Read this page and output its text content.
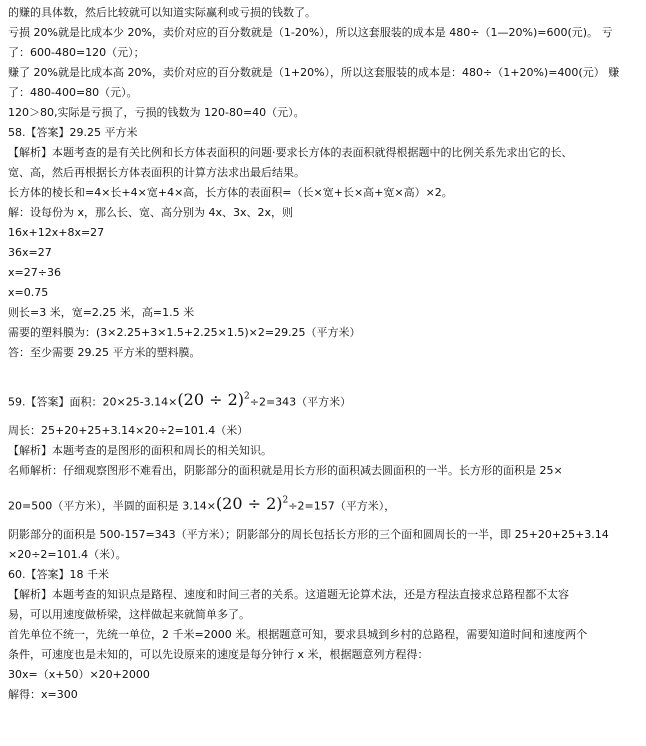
的赚的具体数，然后比较就可以知道实际赢利或亏损的钱数了。
亏损 20%就是比成本少 20%，卖价对应的百分数就是（1-20%），所以这套服装的成本是 480÷（1—20%)=600(元)。 亏
了：600-480=120（元）；
赚了 20%就是比成本高 20%，卖价对应的百分数就是（1+20%），所以这套服装的成本是：480÷（1+20%)=400(元） 赚
了：480-400=80（元）。
120＞80,实际是亏损了，亏损的钱数为 120-80=40（元）。
58.【答案】29.25 平方米
【解析】本题考查的是有关比例和长方体表面积的问题·要求长方体的表面积就得根据题中的比例关系先求出它的长、
宽、高，然后再根据长方体表面积的计算方法求出最后结果。
长方体的棱长和=4×长+4×宽+4×高，长方体的表面积=（长×宽+长×高+宽×高）×2。
解：设每份为 x，那么长、宽、高分别为 4x、3x、2x，则
16x+12x+8x=27
36x=27
x=27÷36
x=0.75
则长=3 米，宽=2.25 米，高=1.5 米
需要的塑料膜为：(3×2.25+3×1.5+2.25×1.5)×2=29.25（平方米）
答：至少需要 29.25 平方米的塑料膜。
59.【答案】面积：$20\times 25-3.14\times(20 \div 2)^2\div 2=343$（平方米）
周长：25+20+25+3.14×20÷2=101.4（米）
【解析】本题考查的是图形的面积和周长的相关知识。
名师解析：仔细观察图形不难看出，阴影部分的面积就是用长方形的面积减去圆面积的一半。长方形的面积是 25×
20=500（平方米），半圆的面积是 $3.14\times(20 \div 2)^2\div 2=157$（平方米），
阴影部分的面积是 500-157=343（平方米）；阴影部分的周长包括长方形的三个面和圆周长的一半，即 25+20+25+3.14
×20÷2=101.4（米）。
60.【答案】18 千米
【解析】本题考查的知识点是路程、速度和时间三者的关系。这道题无论算术法，还是方程法直接求总路程都不太容
易，可以用速度做桥梁，这样做起来就简单多了。
首先单位不统一，先统一单位，2 千米=2000 米。根据题意可知，要求县城到乡村的总路程，需要知道时间和速度两个
条件，可速度也是未知的，可以先设原来的速度是每分钟行 x 米，根据题意列方程得：
30x=（x+50）×20+2000
解得：x=300
